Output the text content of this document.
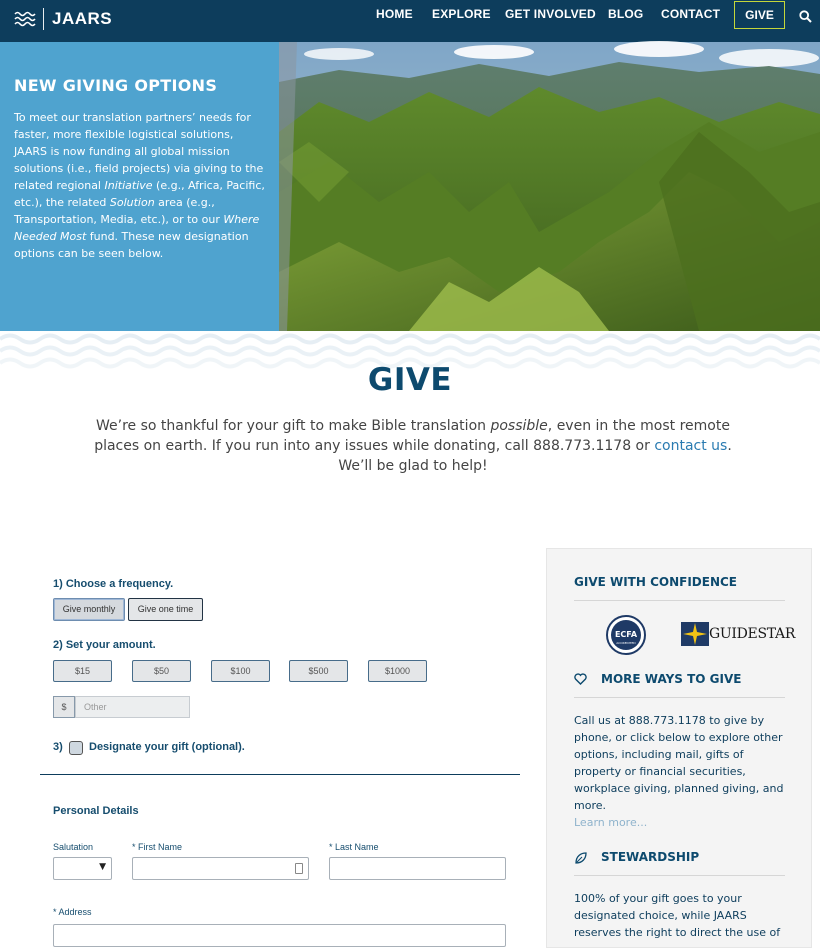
JAARS	HOME EXPLORE GET INVOLVED BLOG CONTACT	GIVE
NEW GIVING OPTIONS
To meet our translation partners’ needs for faster, more flexible logistical solutions, JAARS is now funding all global mission solutions (i.e., field projects) via giving to the related regional Initiative (e.g., Africa, Pacific, etc.), the related Solution area (e.g., Transportation, Media, etc.), or to our Where Needed Most fund. These new designation options can be seen below.
GIVE
We’re so thankful for your gift to make Bible translation possible, even in the most remote places on earth. If you run into any issues while donating, call 888.773.1178 or contact us. We’ll be glad to help!
1) Choose a frequency.
Give monthly	Give one time
2) Set your amount.
$15	$50	$100	$500	$1000
$	Other
3) Designate your gift (optional).
Personal Details
Salutation
▼
* First Name	* Last Name
* Address
GIVE WITH CONFIDENCE
ECFA
ACCREDITED
GUIDESTAR
MORE WAYS TO GIVE
Call us at 888.773.1178 to give by phone, or click below to explore other options, including mail, gifts of property or financial securities, workplace giving, planned giving, and more.
Learn more...
STEWARDSHIP
100% of your gift goes to your designated choice, while JAARS reserves the right to direct the use of
